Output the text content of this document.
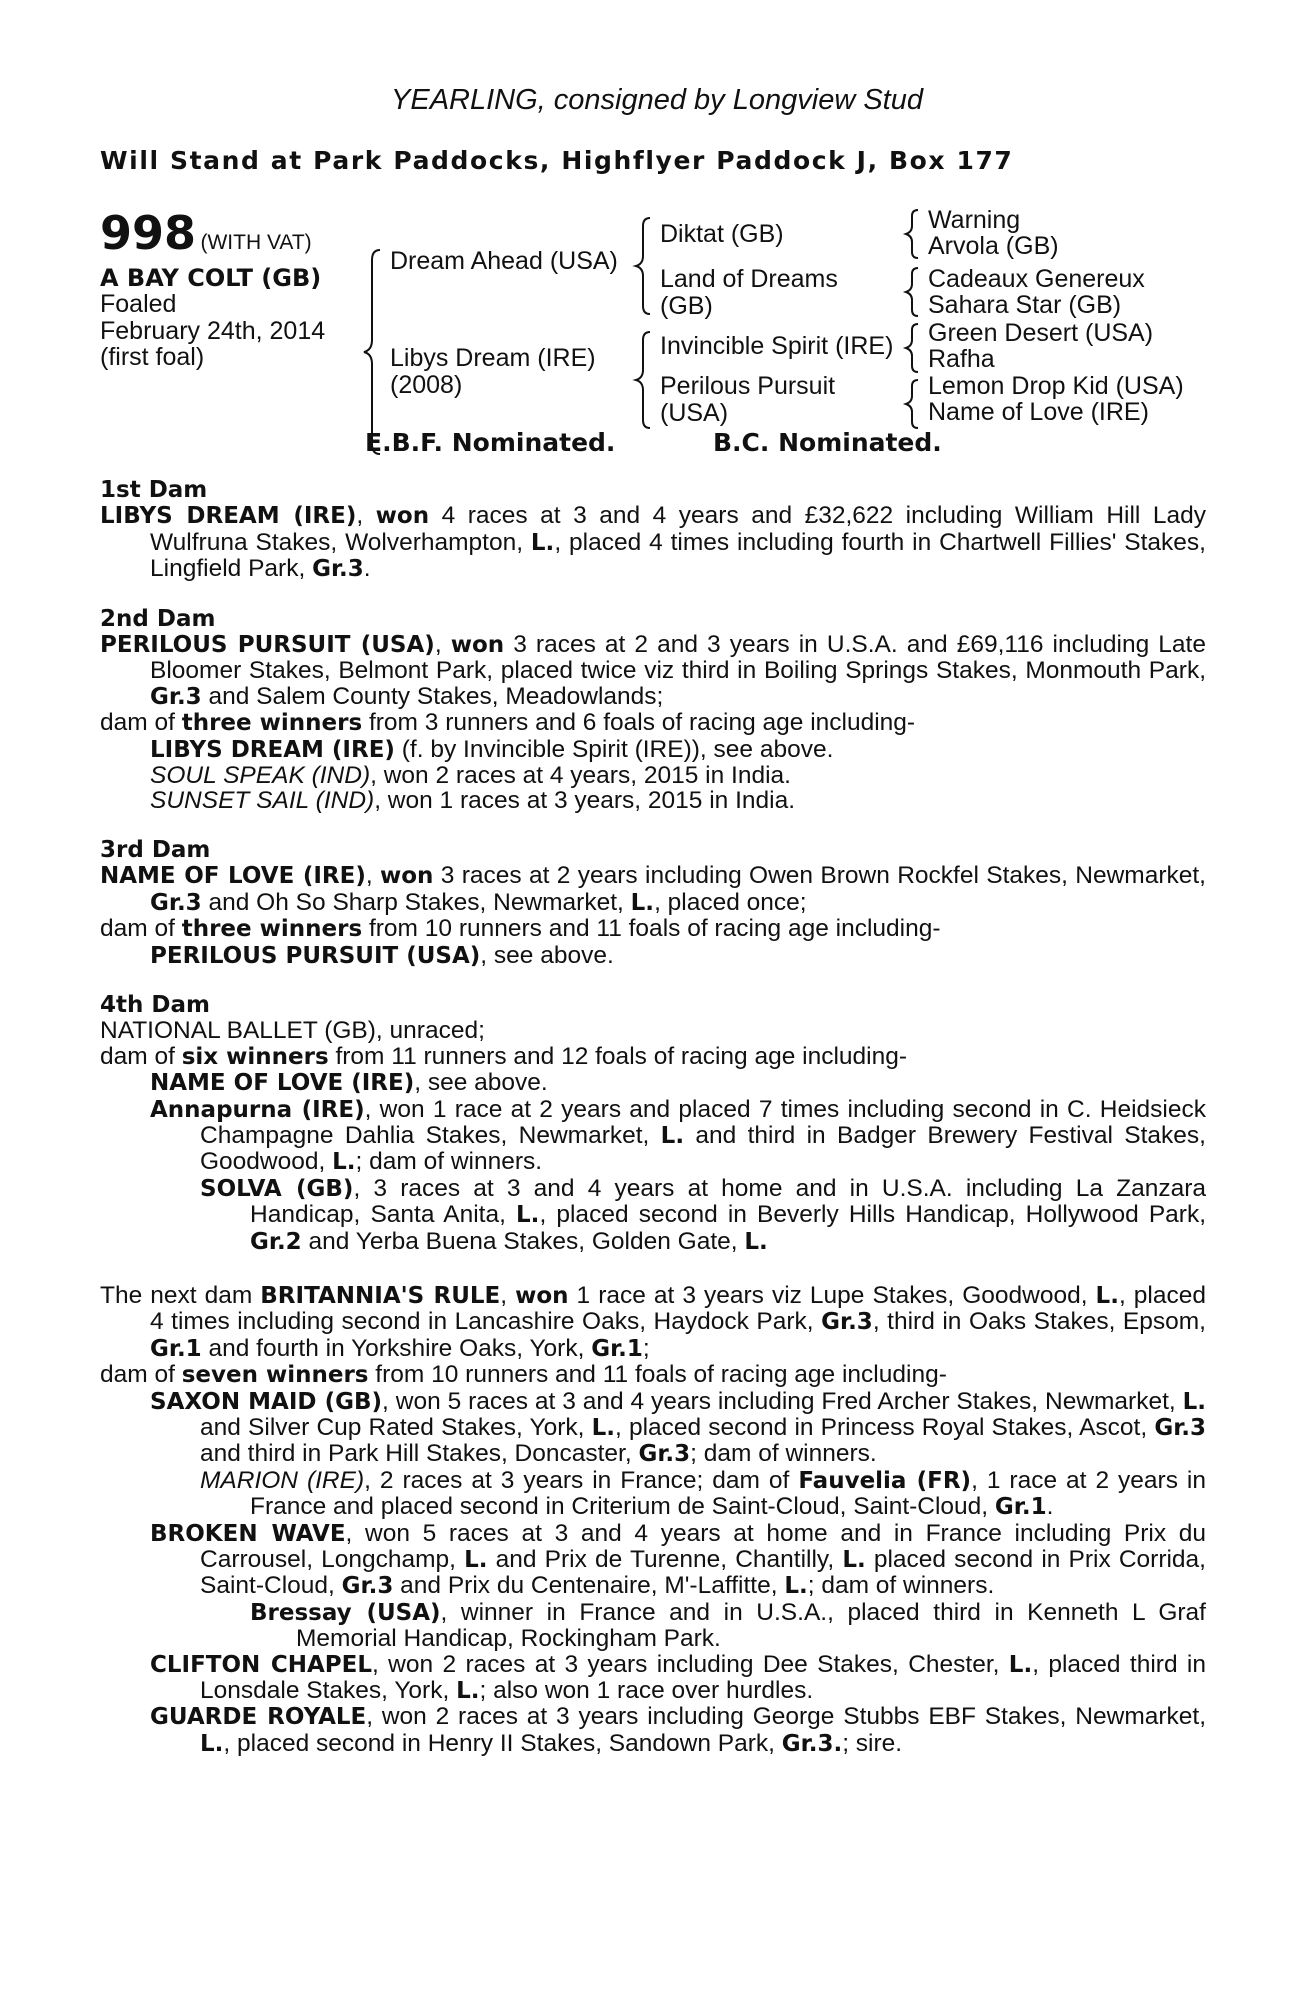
YEARLING, consigned by Longview Stud
Will Stand at Park Paddocks, Highflyer Paddock J, Box 177
998 (WITH VAT)
A BAY COLT (GB)
Foaled
February 24th, 2014
(first foal)
Dream Ahead (USA)
Libys Dream (IRE)
(2008)
Diktat (GB)
Land of Dreams
(GB)
Invincible Spirit (IRE)
Perilous Pursuit
(USA)
Warning
Arvola (GB)
Cadeaux Genereux
Sahara Star (GB)
Green Desert (USA)
Rafha
Lemon Drop Kid (USA)
Name of Love (IRE)
E.B.F. Nominated.	B.C. Nominated.
1st Dam
LIBYS DREAM (IRE), won 4 races at 3 and 4 years and £32,622 including William Hill Lady Wulfruna Stakes, Wolverhampton, L., placed 4 times including fourth in Chartwell Fillies' Stakes, Lingfield Park, Gr.3.
2nd Dam
PERILOUS PURSUIT (USA), won 3 races at 2 and 3 years in U.S.A. and £69,116 including Late Bloomer Stakes, Belmont Park, placed twice viz third in Boiling Springs Stakes, Monmouth Park, Gr.3 and Salem County Stakes, Meadowlands;
dam of three winners from 3 runners and 6 foals of racing age including-
LIBYS DREAM (IRE) (f. by Invincible Spirit (IRE)), see above.
SOUL SPEAK (IND), won 2 races at 4 years, 2015 in India.
SUNSET SAIL (IND), won 1 races at 3 years, 2015 in India.
3rd Dam
NAME OF LOVE (IRE), won 3 races at 2 years including Owen Brown Rockfel Stakes, Newmarket, Gr.3 and Oh So Sharp Stakes, Newmarket, L., placed once;
dam of three winners from 10 runners and 11 foals of racing age including-
PERILOUS PURSUIT (USA), see above.
4th Dam
NATIONAL BALLET (GB), unraced;
dam of six winners from 11 runners and 12 foals of racing age including-
NAME OF LOVE (IRE), see above.
Annapurna (IRE), won 1 race at 2 years and placed 7 times including second in C. Heidsieck Champagne Dahlia Stakes, Newmarket, L. and third in Badger Brewery Festival Stakes, Goodwood, L.; dam of winners.
SOLVA (GB), 3 races at 3 and 4 years at home and in U.S.A. including La Zanzara Handicap, Santa Anita, L., placed second in Beverly Hills Handicap, Hollywood Park, Gr.2 and Yerba Buena Stakes, Golden Gate, L.
The next dam BRITANNIA'S RULE, won 1 race at 3 years viz Lupe Stakes, Goodwood, L., placed 4 times including second in Lancashire Oaks, Haydock Park, Gr.3, third in Oaks Stakes, Epsom, Gr.1 and fourth in Yorkshire Oaks, York, Gr.1;
dam of seven winners from 10 runners and 11 foals of racing age including-
SAXON MAID (GB), won 5 races at 3 and 4 years including Fred Archer Stakes, Newmarket, L. and Silver Cup Rated Stakes, York, L., placed second in Princess Royal Stakes, Ascot, Gr.3 and third in Park Hill Stakes, Doncaster, Gr.3; dam of winners.
MARION (IRE), 2 races at 3 years in France; dam of Fauvelia (FR), 1 race at 2 years in France and placed second in Criterium de Saint-Cloud, Saint-Cloud, Gr.1.
BROKEN WAVE, won 5 races at 3 and 4 years at home and in France including Prix du Carrousel, Longchamp, L. and Prix de Turenne, Chantilly, L. placed second in Prix Corrida, Saint-Cloud, Gr.3 and Prix du Centenaire, M'-Laffitte, L.; dam of winners.
Bressay (USA), winner in France and in U.S.A., placed third in Kenneth L Graf Memorial Handicap, Rockingham Park.
CLIFTON CHAPEL, won 2 races at 3 years including Dee Stakes, Chester, L., placed third in Lonsdale Stakes, York, L.; also won 1 race over hurdles.
GUARDE ROYALE, won 2 races at 3 years including George Stubbs EBF Stakes, Newmarket, L., placed second in Henry II Stakes, Sandown Park, Gr.3.; sire.
